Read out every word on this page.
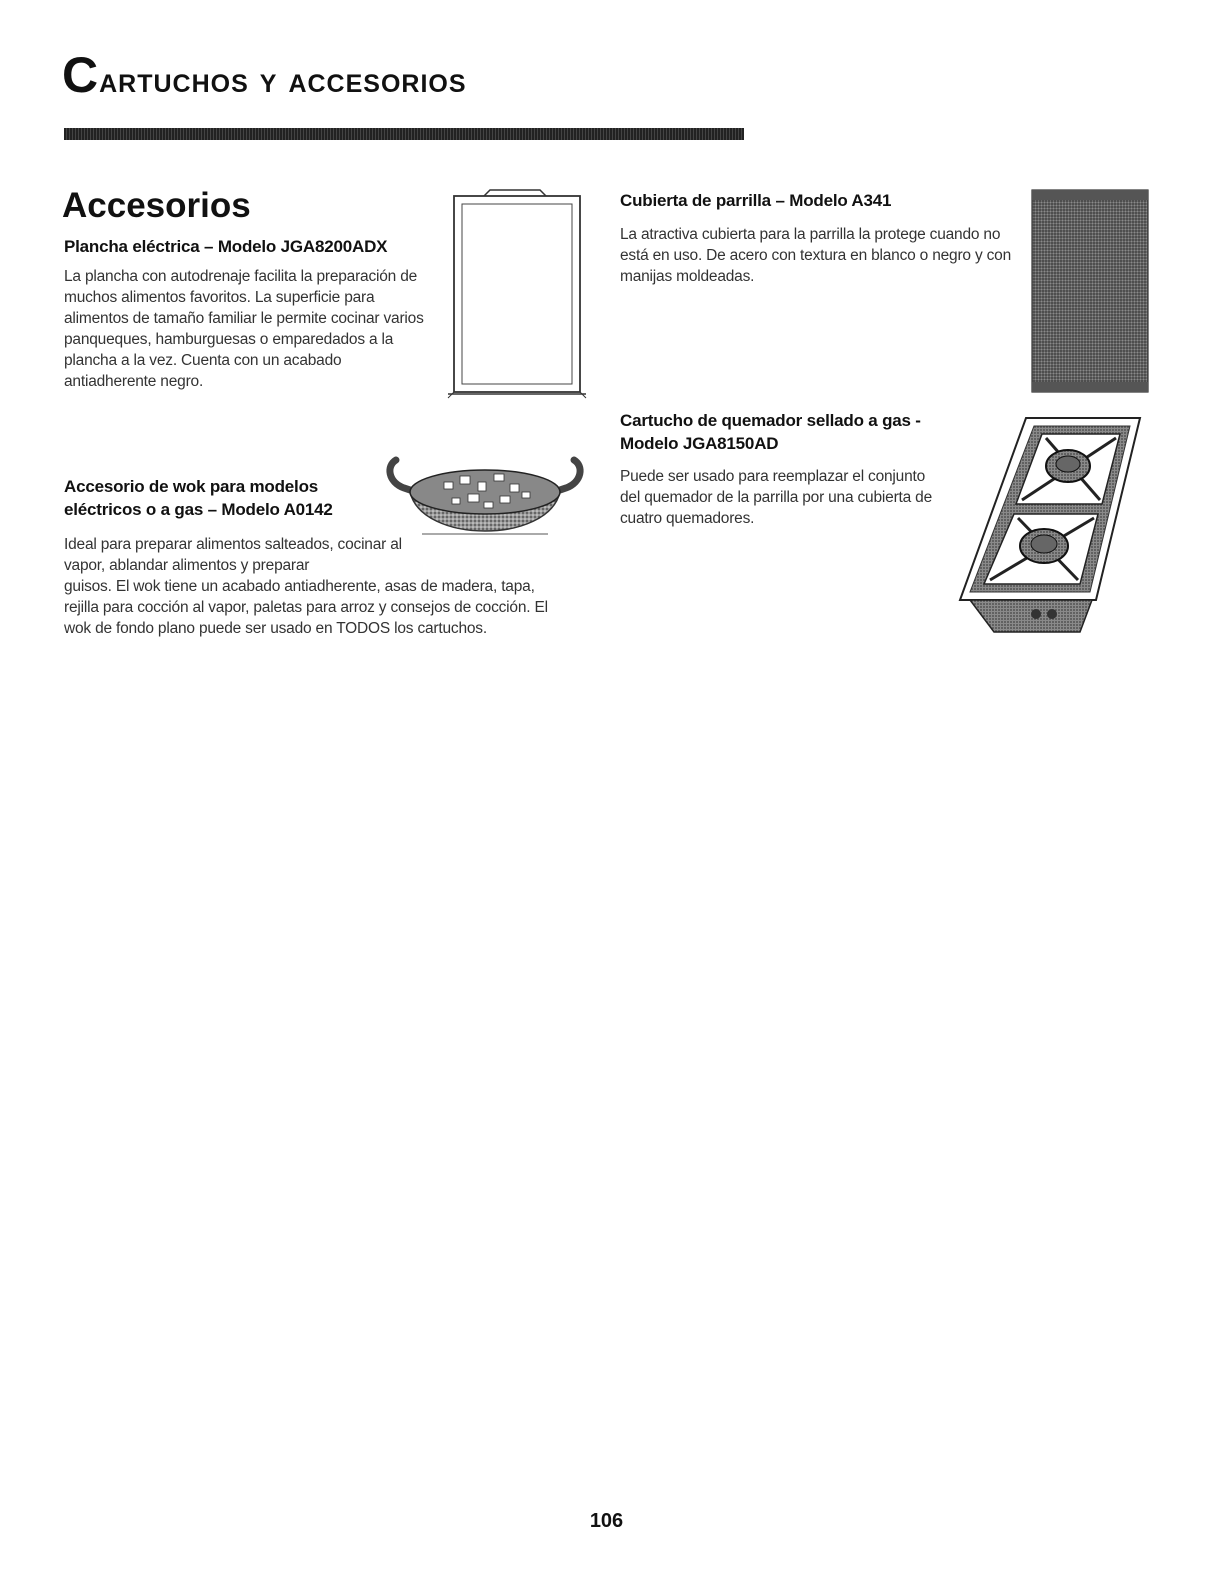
Cartuchos y accesorios
Accesorios
Plancha eléctrica – Modelo JGA8200ADX

La plancha con autodrenaje facilita la preparación de muchos alimentos favoritos. La superficie para alimentos de tamaño familiar le permite cocinar varios panqueques, hamburguesas o emparedados a la plancha a la vez. Cuenta con un acabado antiadherente negro.

Accesorio de wok para modelos
eléctricos o a gas – Modelo A0142

Ideal para preparar alimentos salteados, cocinar al vapor, ablandar alimentos y preparar

guisos. El wok tiene un acabado antiadherente, asas de madera, tapa, rejilla para cocción al vapor, paletas para arroz y consejos de cocción. El wok de fondo plano puede ser usado en TODOS los cartuchos.

Cubierta de parrilla – Modelo A341

La atractiva cubierta para la parrilla la protege cuando no está en uso. De acero con textura en blanco o negro y con manijas moldeadas.

Cartucho de quemador sellado a gas -
Modelo JGA8150AD

Puede ser usado para reemplazar el conjunto del quemador de la parrilla por una cubierta de cuatro quemadores.

106
